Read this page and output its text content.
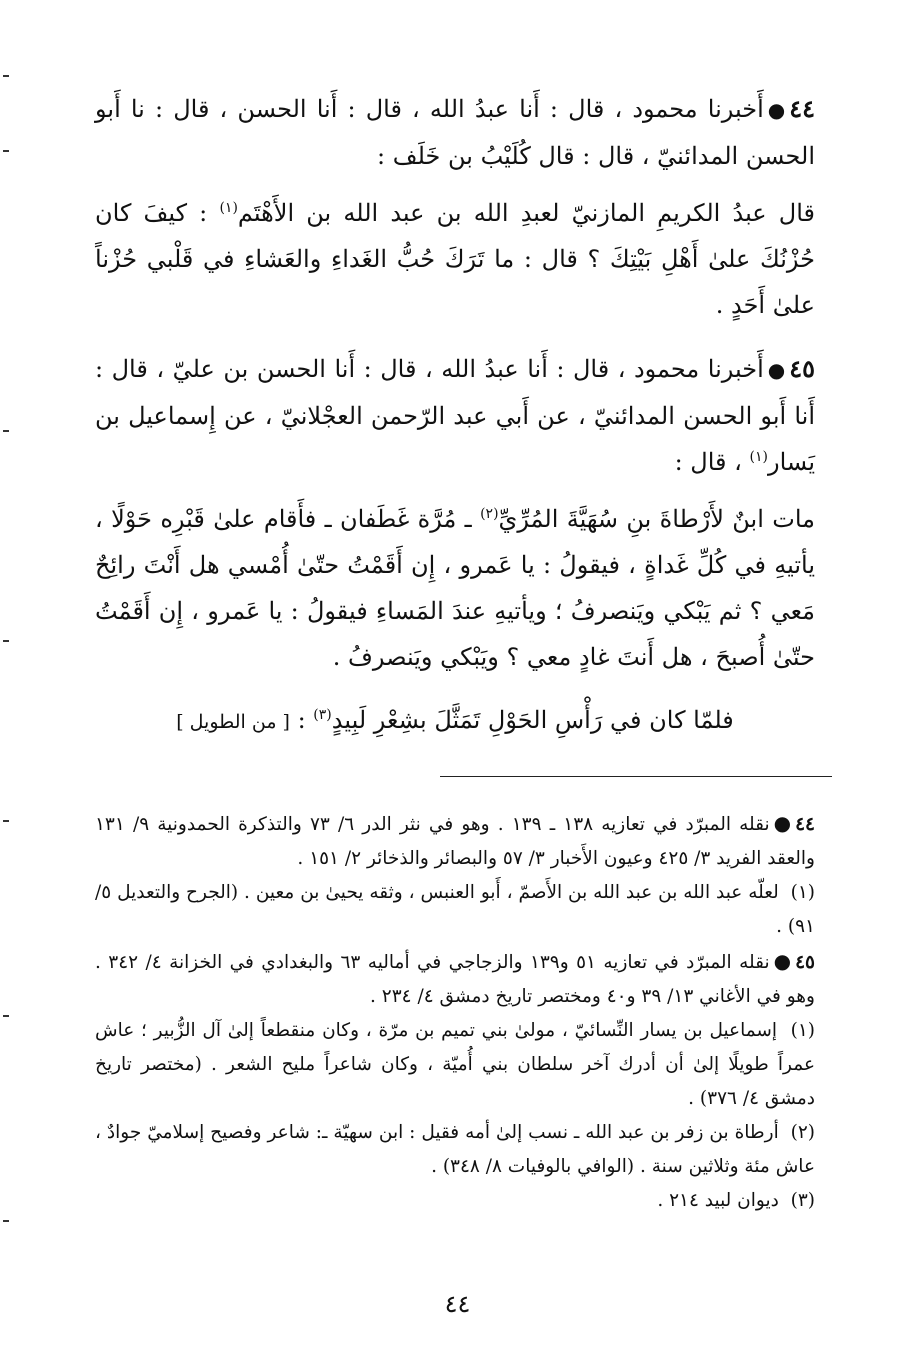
٤٤●أَخبرنا محمود ، قال : أَنا عبدُ الله ، قال : أَنا الحسن ، قال : نا أَبو الحسن المدائنيّ ، قال : قال كُلَيْبُ بن خَلَف :

قال عبدُ الكريمِ المازنيّ لعبدِ الله بن عبد الله بن الأَهْتَم$^{(١)}$ : كيفَ كان حُزْنُكَ علىٰ أَهْلِ بَيْتِكَ ؟ قال : ما تَرَكَ حُبُّ الغَداءِ والعَشاءِ في قَلْبي حُزْناً علىٰ أَحَدٍ .

٤٥●أَخبرنا محمود ، قال : أَنا عبدُ الله ، قال : أَنا الحسن بن عليّ ، قال : أَنا أَبو الحسن المدائنيّ ، عن أَبي عبد الرّحمن العجْلانيّ ، عن إِسماعيل بن يَسار$^{(١)}$ ، قال :

مات ابنٌ لأَرْطاةَ بنِ سُهَيَّةَ المُرِّيِّ$^{(٢)}$ ـ مُرَّة غَطَفان ـ فأَقام علىٰ قَبْرِه حَوْلًا ، يأتيهِ في كُلِّ غَداةٍ ، فيقولُ : يا عَمرو ، إِن أَقَمْتُ حتّىٰ أُمْسي هل أَنْتَ رائِحٌ مَعي ؟ ثم يَبْكي ويَنصرفُ ؛ ويأتيهِ عندَ المَساءِ فيقولُ : يا عَمرو ، إِن أَقَمْتُ حتّىٰ أُصبحَ ، هل أَنتَ غادٍ معي ؟ ويَبْكي ويَنصرفُ .

فلمّا كان في رَأْسِ الحَوْلِ تَمَثَّلَ بشِعْرِ لَبِيدٍ$^{(٣)}$ : [ من الطويل ]

٤٤●نقله المبرّد في تعازيه ١٣٨ ـ ١٣٩ . وهو في نثر الدر ٦/ ٧٣ والتذكرة الحمدونية ٩/ ١٣١ والعقد الفريد ٣/ ٤٢٥ وعيون الأَخبار ٣/ ٥٧ والبصائر والذخائر ٢/ ١٥١ .

(١)  لعلّه عبد الله بن عبد الله بن الأَصمّ ، أَبو العنبس ، وثقه يحيىٰ بن معين . (الجرح والتعديل ٥/ ٩١) .

٤٥●نقله المبرّد في تعازيه ٥١ و١٣٩ والزجاجي في أماليه ٦٣ والبغدادي في الخزانة ٤/ ٣٤٢ . وهو في الأغاني ١٣/ ٣٩ و٤٠ ومختصر تاريخ دمشق ٤/ ٢٣٤ .

(١)  إسماعيل بن يسار النِّسائيّ ، مولىٰ بني تميم بن مرّة ، وكان منقطعاً إلىٰ آل الزُّبير ؛ عاش عمراً طويلًا إلىٰ أن أدرك آخر سلطان بني أُميّة ، وكان شاعراً مليح الشعر . (مختصر تاريخ دمشق ٤/ ٣٧٦) .

(٢)  أرطاة بن زفر بن عبد الله ـ نسب إلىٰ أمه فقيل : ابن سهيّة ـ: شاعر وفصيح إسلاميّ جوادٌ ، عاش مئة وثلاثين سنة . (الوافي بالوفيات ٨/ ٣٤٨) .

(٣)  ديوان لبيد ٢١٤ .

٤٤
